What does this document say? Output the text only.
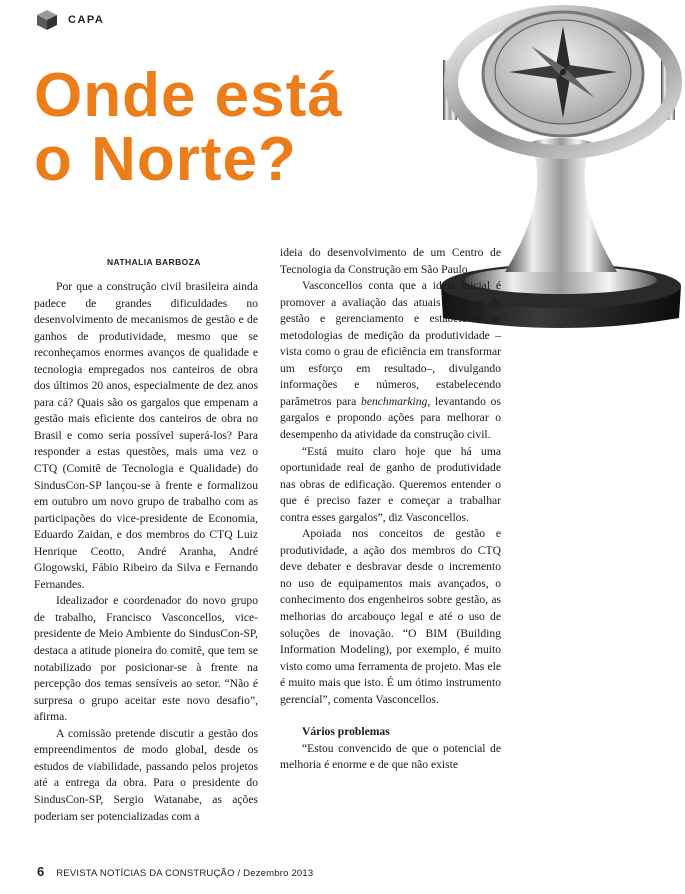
CAPA
Onde está
o Norte?
NATHALIA BARBOZA

Por que a construção civil brasileira ainda padece de grandes dificuldades no desenvolvimento de mecanismos de gestão e de ganhos de produtividade, mesmo que se reconheçamos enormes avanços de qualidade e tecnologia empregados nos canteiros de obra dos últimos 20 anos, especialmente de dez anos para cá? Quais são os gargalos que empenam a gestão mais eficiente dos canteiros de obra no Brasil e como seria possível superá-los? Para responder a estas questões, mais uma vez o CTQ (Comitê de Tecnologia e Qualidade) do SindusCon-SP lançou-se à frente e formalizou em outubro um novo grupo de trabalho com as participações do vice-presidente de Economia, Eduardo Zaidan, e dos membros do CTQ Luiz Henrique Ceotto, André Aranha, André Glogowski, Fábio Ribeiro da Silva e Fernando Fernandes.

Idealizador e coordenador do novo grupo de trabalho, Francisco Vasconcellos, vice-presidente de Meio Ambiente do SindusCon-SP, destaca a atitude pioneira do comitê, que tem se notabilizado por posicionar-se à frente na percepção dos temas sensíveis ao setor. “Não é surpresa o grupo aceitar este novo desafio”, afirma.

A comissão pretende discutir a gestão dos empreendimentos de modo global, desde os estudos de viabilidade, passando pelos projetos até a entrega da obra. Para o presidente do SindusCon-SP, Sergio Watanabe, as ações poderiam ser potencializadas com a

ideia do desenvolvimento de um Centro de Tecnologia da Construção em São Paulo.

Vasconcellos conta que a ideia inicial é promover a avaliação das atuais técnicas de gestão e gerenciamento e estabelecer as metodologias de medição da produtividade –vista como o grau de eficiência em transformar um esforço em resultado–, divulgando informações e números, estabelecendo parâmetros para benchmarking, levantando os gargalos e propondo ações para melhorar o desempenho da atividade da construção civil.

“Está muito claro hoje que há uma oportunidade real de ganho de produtividade nas obras de edificação. Queremos entender o que é preciso fazer e começar a trabalhar contra esses gargalos”, diz Vasconcellos.

Apoiada nos conceitos de gestão e produtividade, a ação dos membros do CTQ deve debater e desbravar desde o incremento no uso de equipamentos mais avançados, o conhecimento dos engenheiros sobre gestão, as melhorias do arcabouço legal e até o uso de soluções de inovação. “O BIM (Building Information Modeling), por exemplo, é muito visto como uma ferramenta de projeto. Mas ele é muito mais que isto. É um ótimo instrumento gerencial”, comenta Vasconcellos.

Vários problemas

“Estou convencido de que o potencial de melhoria é enorme e de que não existe

6 REVISTA NOTÍCIAS DA CONSTRUÇÃO / Dezembro 2013
